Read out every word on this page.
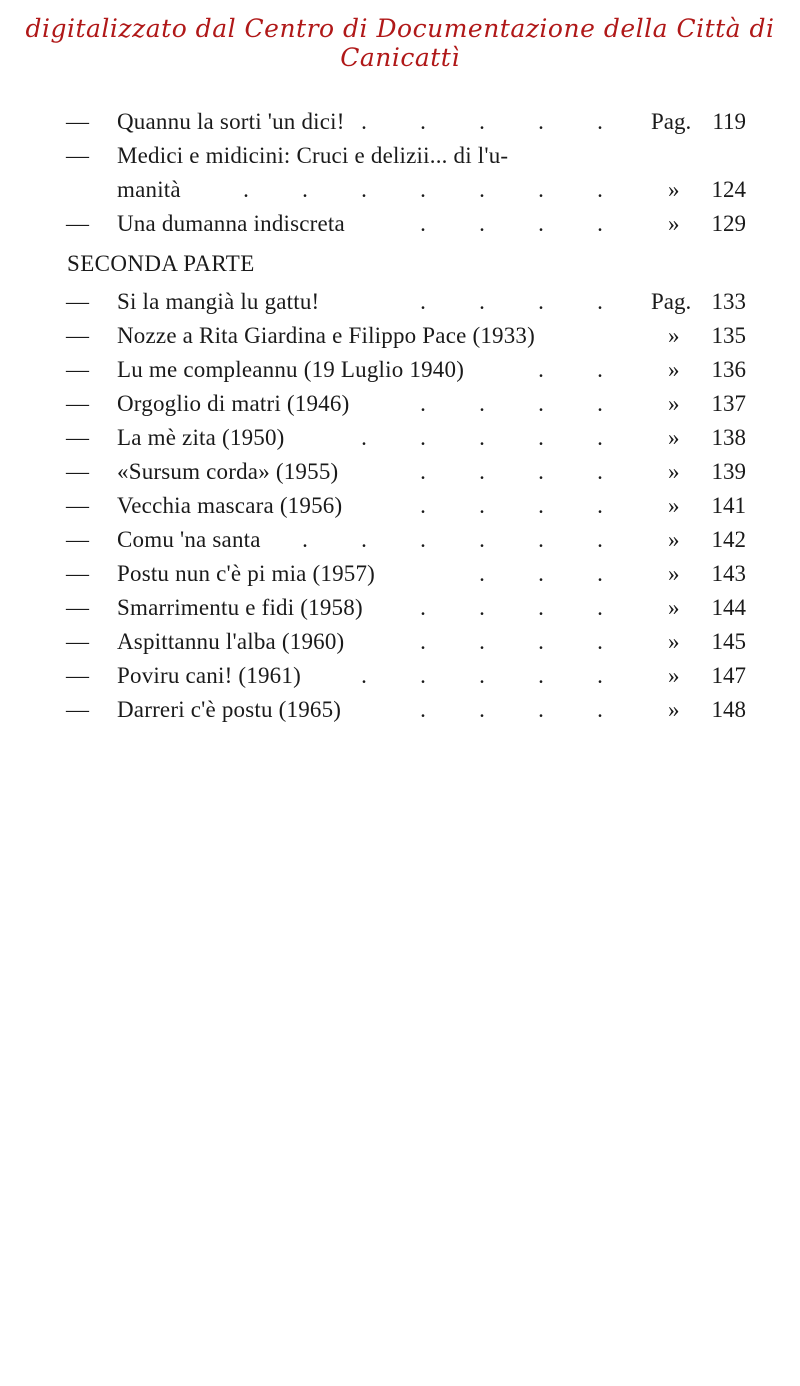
digitalizzato dal Centro di Documentazione della Città di Canicattì
SECONDA PARTE
— Quannu la sorti 'un dici! . . . . .	Pag. 119
— Medici e midicini: Cruci e delizii... di l'u-
manità	. . . . . . .	»	124
— Una dumanna indiscreta	. . . .	»	129
— Si la mangià lu gattu!	. . . .	Pag. 133
— Nozze a Rita Giardina e Filippo Pace (1933)	»	135
— Lu me compleannu (19 Luglio 1940)	. .	»	136
— Orgoglio di matri (1946)	. . . .	»	137
— La mè zita (1950)	. . . . .	»	138
— «Sursum corda» (1955)	. . . .	»	139
— Vecchia mascara (1956)	. . . .	»	141
— Comu 'na santa	. . . . . .	»	142
— Postu nun c'è pi mia (1957)	. . .	»	143
— Smarrimentu e fidi (1958)	. . . .	»	144
— Aspittannu l'alba (1960)	. . . .	»	145
— Poviru cani! (1961)	. . . . .	»	147
— Darreri c'è postu (1965)	. . . .	»	148
